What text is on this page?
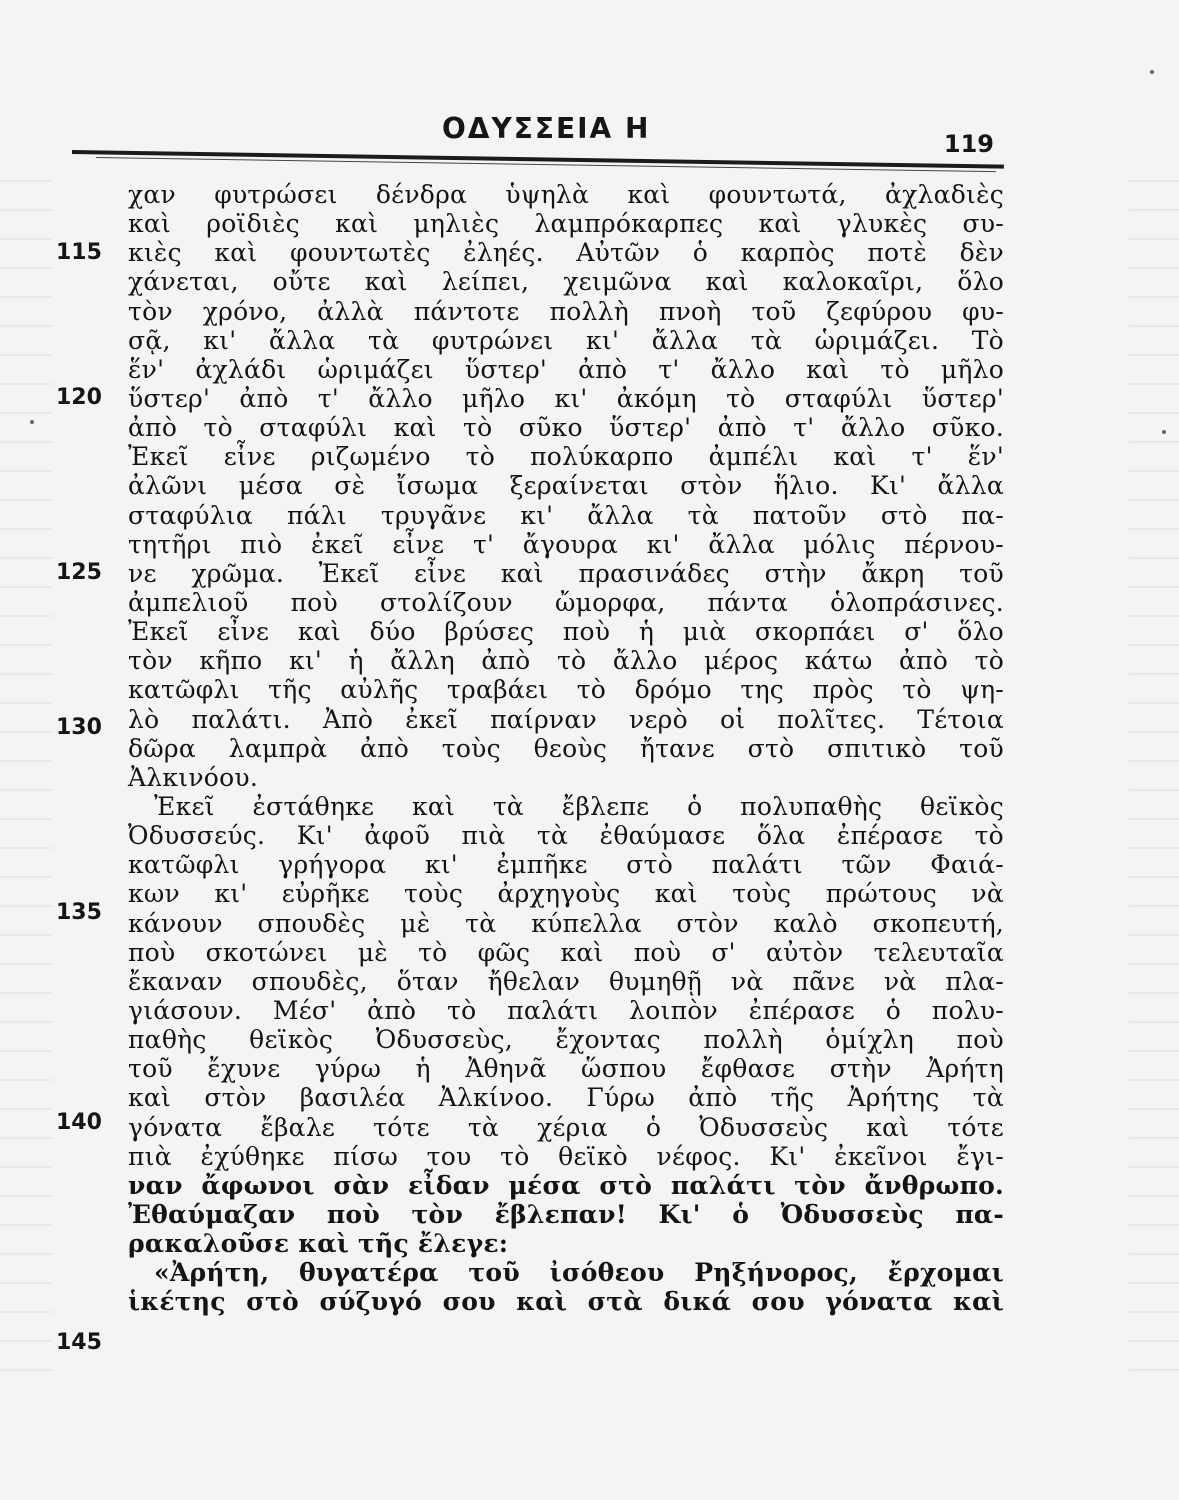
ΟΔΥΣΣΕΙΑ Η	119
115
120
125
130
135
140
145
χαν φυτρώσει δένδρα ὑψηλὰ καὶ φουντωτά, ἀχλαδιὲς
καὶ ροϊδιὲς καὶ μηλιὲς λαμπρόκαρπες καὶ γλυκὲς συ-
κιὲς καὶ φουντωτὲς ἐληές. Αὐτῶν ὁ καρπὸς ποτὲ δὲν
χάνεται, οὔτε καὶ λείπει, χειμῶνα καὶ καλοκαῖρι, ὅλο
τὸν χρόνο, ἀλλὰ πάντοτε πολλὴ πνοὴ τοῦ ζεφύρου φυ-
σᾷ, κι' ἄλλα τὰ φυτρώνει κι' ἄλλα τὰ ὡριμάζει. Τὸ
ἕν' ἀχλάδι ὡριμάζει ὕστερ' ἀπὸ τ' ἄλλο καὶ τὸ μῆλο
ὕστερ' ἀπὸ τ' ἄλλο μῆλο κι' ἀκόμη τὸ σταφύλι ὕστερ'
ἀπὸ τὸ σταφύλι καὶ τὸ σῦκο ὕστερ' ἀπὸ τ' ἄλλο σῦκο.
Ἐκεῖ εἶνε ριζωμένο τὸ πολύκαρπο ἀμπέλι καὶ τ' ἕν'
ἀλῶνι μέσα σὲ ἴσωμα ξεραίνεται στὸν ἥλιο. Κι' ἄλλα
σταφύλια πάλι τρυγᾶνε κι' ἄλλα τὰ πατοῦν στὸ πα-
τητῆρι πιὸ ἐκεῖ εἶνε τ' ἄγουρα κι' ἄλλα μόλις πέρνου-
νε χρῶμα. Ἐκεῖ εἶνε καὶ πρασινάδες στὴν ἄκρη τοῦ
ἀμπελιοῦ ποὺ στολίζουν ὤμορφα, πάντα ὁλοπράσινες.
Ἐκεῖ εἶνε καὶ δύο βρύσες ποὺ ἡ μιὰ σκορπάει σ' ὅλο
τὸν κῆπο κι' ἡ ἄλλη ἀπὸ τὸ ἄλλο μέρος κάτω ἀπὸ τὸ
κατῶφλι τῆς αὐλῆς τραβάει τὸ δρόμο της πρὸς τὸ ψη-
λὸ παλάτι. Ἀπὸ ἐκεῖ παίρναν νερὸ οἱ πολῖτες. Τέτοια
δῶρα λαμπρὰ ἀπὸ τοὺς θεοὺς ἤτανε στὸ σπιτικὸ τοῦ
Ἀλκινόου.
Ἐκεῖ ἐστάθηκε καὶ τὰ ἔβλεπε ὁ πολυπαθὴς θεϊκὸς
Ὀδυσσεύς. Κι' ἀφοῦ πιὰ τὰ ἐθαύμασε ὅλα ἐπέρασε τὸ
κατῶφλι γρήγορα κι' ἐμπῆκε στὸ παλάτι τῶν Φαιά-
κων κι' εὐρῆκε τοὺς ἀρχηγοὺς καὶ τοὺς πρώτους νὰ
κάνουν σπουδὲς μὲ τὰ κύπελλα στὸν καλὸ σκοπευτή,
ποὺ σκοτώνει μὲ τὸ φῶς καὶ ποὺ σ' αὐτὸν τελευταῖα
ἔκαναν σπουδὲς, ὅταν ἤθελαν θυμηθῇ νὰ πᾶνε νὰ πλα-
γιάσουν. Μέσ' ἀπὸ τὸ παλάτι λοιπὸν ἐπέρασε ὁ πολυ-
παθὴς θεϊκὸς Ὀδυσσεὺς, ἔχοντας πολλὴ ὁμίχλη ποὺ
τοῦ ἔχυνε γύρω ἡ Ἀθηνᾶ ὥσπου ἔφθασε στὴν Ἀρήτη
καὶ στὸν βασιλέα Ἀλκίνοο. Γύρω ἀπὸ τῆς Ἀρήτης τὰ
γόνατα ἔβαλε τότε τὰ χέρια ὁ Ὀδυσσεὺς καὶ τότε
πιὰ ἐχύθηκε πίσω του τὸ θεϊκὸ νέφος. Κι' ἐκεῖνοι ἔγι-
ναν ἄφωνοι σὰν εἶδαν μέσα στὸ παλάτι τὸν ἄνθρωπο.
Ἐθαύμαζαν ποὺ τὸν ἔβλεπαν! Κι' ὁ Ὀδυσσεὺς πα-
ρακαλοῦσε καὶ τῆς ἔλεγε:
«Ἀρήτη, θυγατέρα τοῦ ἰσόθεου Ρηξήνορος, ἔρχομαι
ἱκέτης στὸ σύζυγό σου καὶ στὰ δικά σου γόνατα καὶ
